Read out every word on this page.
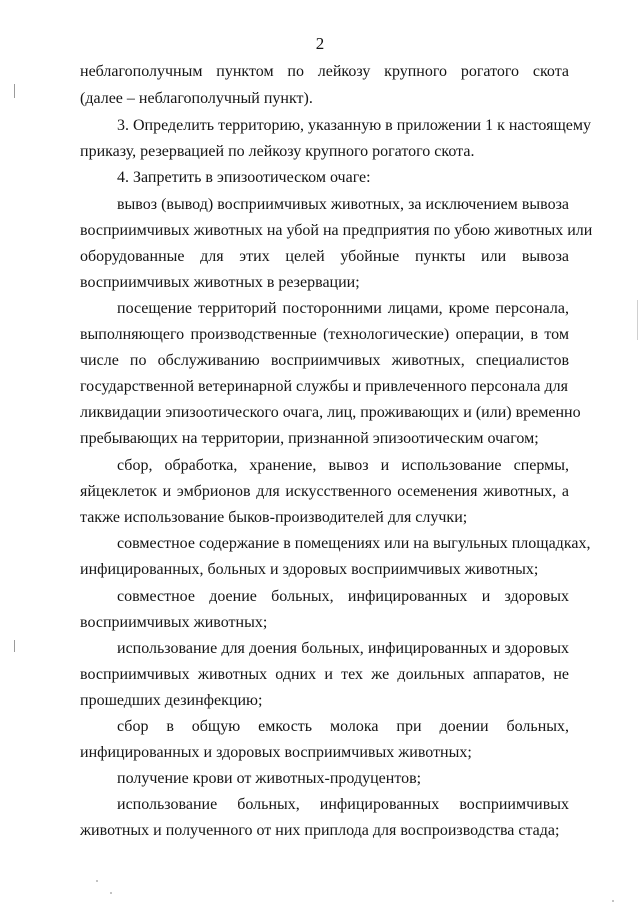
2
неблагополучным пунктом по лейкозу крупного рогатого скота
(далее – неблагополучный пункт).
3. Определить территорию, указанную в приложении 1 к настоящему
приказу, резервацией по лейкозу крупного рогатого скота.
4. Запретить в эпизоотическом очаге:
вывоз (вывод) восприимчивых животных, за исключением вывоза
восприимчивых животных на убой на предприятия по убою животных или
оборудованные для этих целей убойные пункты или вывоза
восприимчивых животных в резервации;
посещение территорий посторонними лицами, кроме персонала,
выполняющего производственные (технологические) операции, в том
числе по обслуживанию восприимчивых животных, специалистов
государственной ветеринарной службы и привлеченного персонала для
ликвидации эпизоотического очага, лиц, проживающих и (или) временно
пребывающих на территории, признанной эпизоотическим очагом;
сбор, обработка, хранение, вывоз и использование спермы,
яйцеклеток и эмбрионов для искусственного осеменения животных, а
также использование быков-производителей для случки;
совместное содержание в помещениях или на выгульных площадках,
инфицированных, больных и здоровых восприимчивых животных;
совместное доение больных, инфицированных и здоровых
восприимчивых животных;
использование для доения больных, инфицированных и здоровых
восприимчивых животных одних и тех же доильных аппаратов, не
прошедших дезинфекцию;
сбор в общую емкость молока при доении больных,
инфицированных и здоровых восприимчивых животных;
получение крови от животных-продуцентов;
использование больных, инфицированных восприимчивых
животных и полученного от них приплода для воспроизводства стада;
